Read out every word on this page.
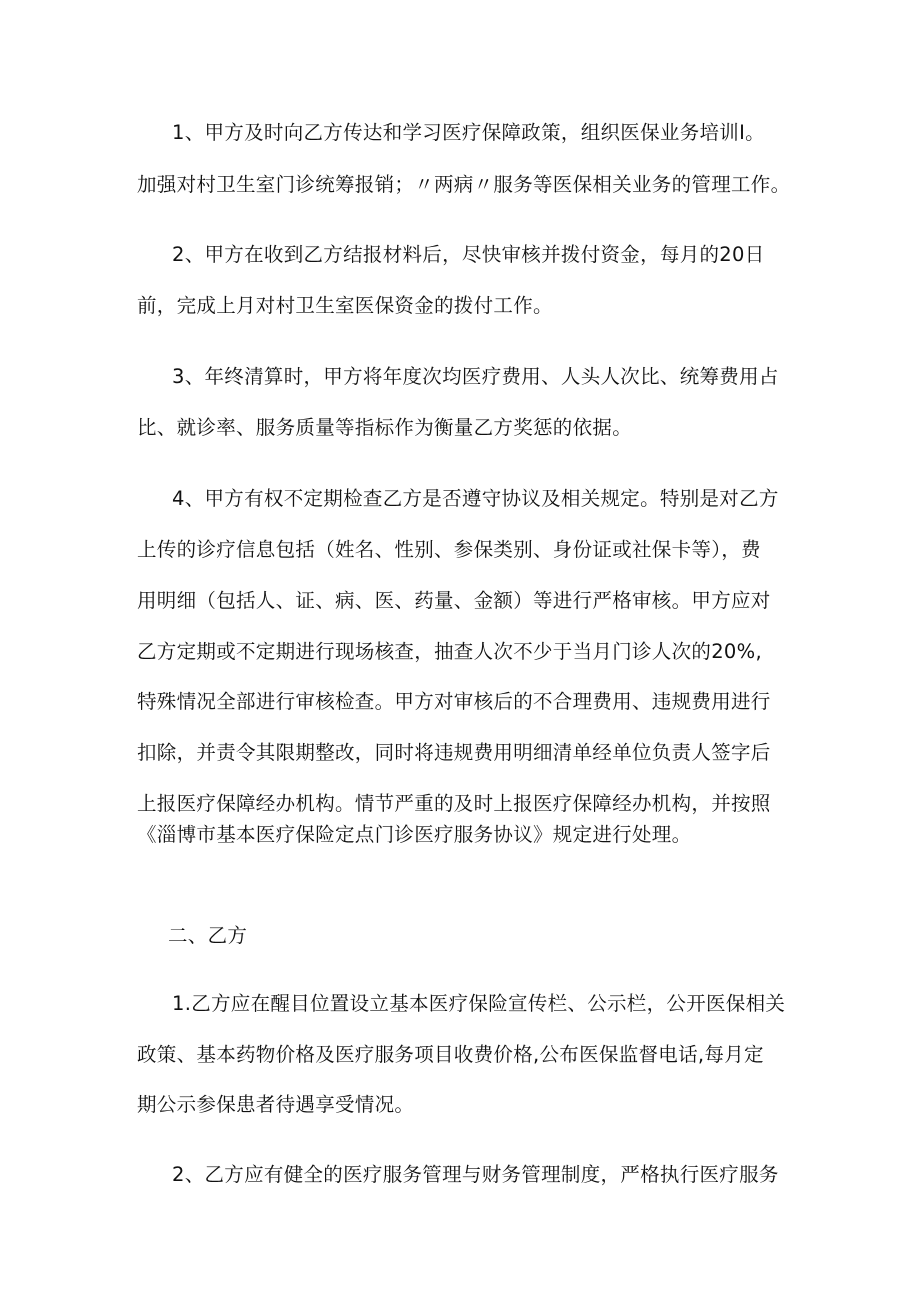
1、甲方及时向乙方传达和学习医疗保障政策，组织医保业务培训I。
加强对村卫生室门诊统筹报销；〃两病〃服务等医保相关业务的管理工作。
2、甲方在收到乙方结报材料后，尽快审核并拨付资金，每月的20日
前，完成上月对村卫生室医保资金的拨付工作。
3、年终清算时，甲方将年度次均医疗费用、人头人次比、统筹费用占
比、就诊率、服务质量等指标作为衡量乙方奖惩的依据。
4、甲方有权不定期检查乙方是否遵守协议及相关规定。特别是对乙方
上传的诊疗信息包括（姓名、性别、参保类别、身份证或社保卡等），费
用明细（包括人、证、病、医、药量、金额）等进行严格审核。甲方应对
乙方定期或不定期进行现场核查，抽查人次不少于当月门诊人次的20%,
特殊情况全部进行审核检查。甲方对审核后的不合理费用、违规费用进行
扣除，并责令其限期整改，同时将违规费用明细清单经单位负责人签字后
上报医疗保障经办机构。情节严重的及时上报医疗保障经办机构，并按照
《淄博市基本医疗保险定点门诊医疗服务协议》规定进行处理。
二、乙方
1.乙方应在醒目位置设立基本医疗保险宣传栏、公示栏，公开医保相关
政策、基本药物价格及医疗服务项目收费价格,公布医保监督电话,每月定
期公示参保患者待遇享受情况。
2、乙方应有健全的医疗服务管理与财务管理制度，严格执行医疗服务
